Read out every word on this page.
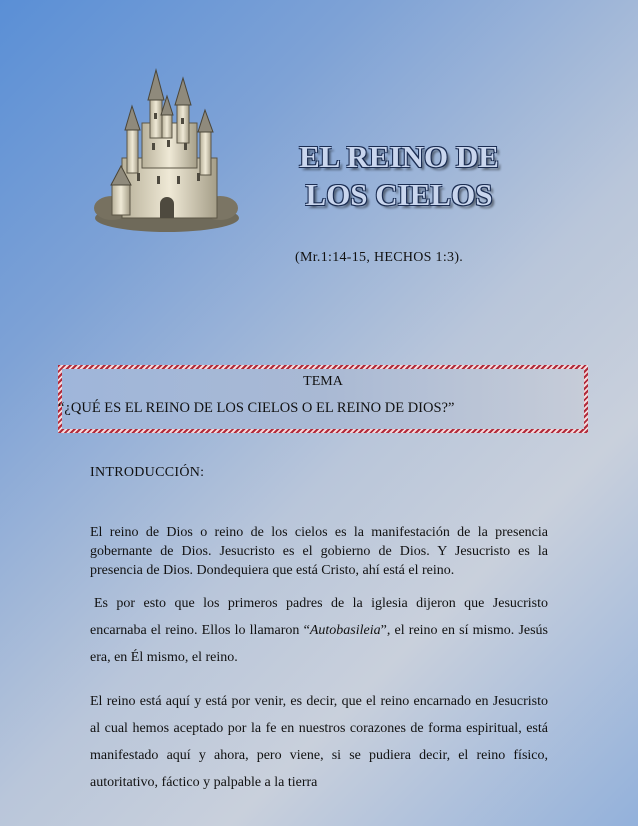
EL REINO DE
LOS CIELOS
(Mr.1:14-15, HECHOS 1:3).
TEMA
“¿QUÉ ES EL REINO DE LOS CIELOS O EL REINO DE DIOS?”
INTRODUCCIÓN:
El reino de Dios o reino de los cielos es la manifestación de la presencia gobernante de Dios. Jesucristo es el gobierno de Dios. Y Jesucristo es la presencia de Dios. Dondequiera que está Cristo, ahí está el reino.
Es por esto que los primeros padres de la iglesia dijeron que Jesucristo encarnaba el reino. Ellos lo llamaron “Autobasileia”, el reino en sí mismo. Jesús era, en Él mismo, el reino.
El reino está aquí y está por venir, es decir, que el reino encarnado en Jesucristo al cual hemos aceptado por la fe en nuestros corazones de forma espiritual, está manifestado aquí y ahora, pero viene, si se pudiera decir, el reino físico, autoritativo, fáctico y palpable a la tierra
